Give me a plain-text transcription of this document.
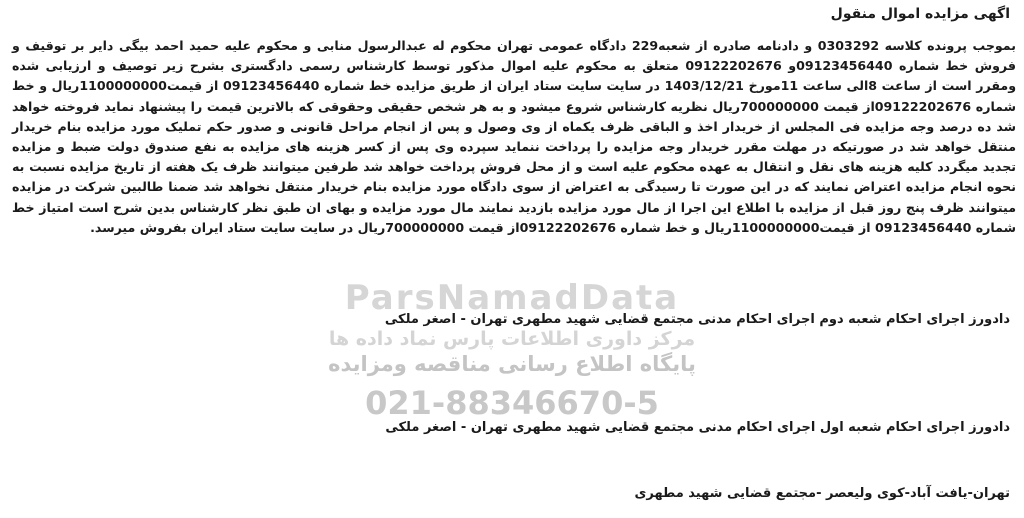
ParsNamadData
مرکز داوری اطلاعات پارس نماد داده ها
پایگاه اطلاع رسانی مناقصه ومزایده
021-88346670-5
اگهی مزایده اموال منقول

بموجب پرونده کلاسه 0303292 و دادنامه صادره از شعبه229 دادگاه عمومی تهران محکوم له عبدالرسول منابی و محکوم علیه حمید احمد بیگی دایر بر توقیف و فروش خط شماره 09123456440و 09122202676 متعلق به محکوم علیه اموال مذکور توسط کارشناس رسمی دادگستری بشرح زیر توصیف و ارزیابی شده ومقرر است از ساعت 8الی ساعت 11مورخ 1403/12/21 در سایت سایت ستاد ایران از طریق مزایده خط شماره 09123456440 از قیمت1100000000ریال و خط شماره 09122202676از قیمت 700000000ریال نظریه کارشناس شروع میشود و به هر شخص حقیقی وحقوقی که بالاترین قیمت را پیشنهاد نماید فروخته خواهد شد ده درصد وجه مزایده فی المجلس از خریدار اخذ و الباقی ظرف یکماه از وی وصول و پس از انجام مراحل قانونی و صدور حکم تملیک مورد مزایده بنام خریدار منتقل خواهد شد در صورتیکه در مهلت مقرر خریدار وجه مزایده را پرداخت ننماید سپرده وی پس از کسر هزینه های مزایده به نفع صندوق دولت ضبط و مزایده تجدید میگردد کلیه هزینه های نقل و انتقال به عهده محکوم علیه است و از محل فروش پرداخت خواهد شد طرفین میتوانند ظرف یک هفته از تاریخ مزایده نسبت به نحوه انجام مزایده اعتراض نمایند که در این صورت تا رسیدگی به اعتراض از سوی دادگاه مورد مزایده بنام خریدار منتقل نخواهد شد ضمنا طالبین شرکت در مزایده میتوانند ظرف پنج روز قبل از مزایده با اطلاع این اجرا از مال مورد مزایده بازدید نمایند مال مورد مزایده و بهای ان طبق نظر کارشناس بدین شرح است امتیاز خط شماره 09123456440 از قیمت1100000000ریال و خط شماره 09122202676از قیمت 700000000ریال در سایت سایت ستاد ایران بفروش میرسد.

دادورز اجرای احکام شعبه دوم اجرای احکام مدنی مجتمع قضایی شهید مطهری تهران - اصغر ملکی
دادورز اجرای احکام شعبه اول اجرای احکام مدنی مجتمع قضایی شهید مطهری تهران - اصغر ملکی
تهران-یافت آباد-کوی ولیعصر -مجتمع قضایی شهید مطهری
